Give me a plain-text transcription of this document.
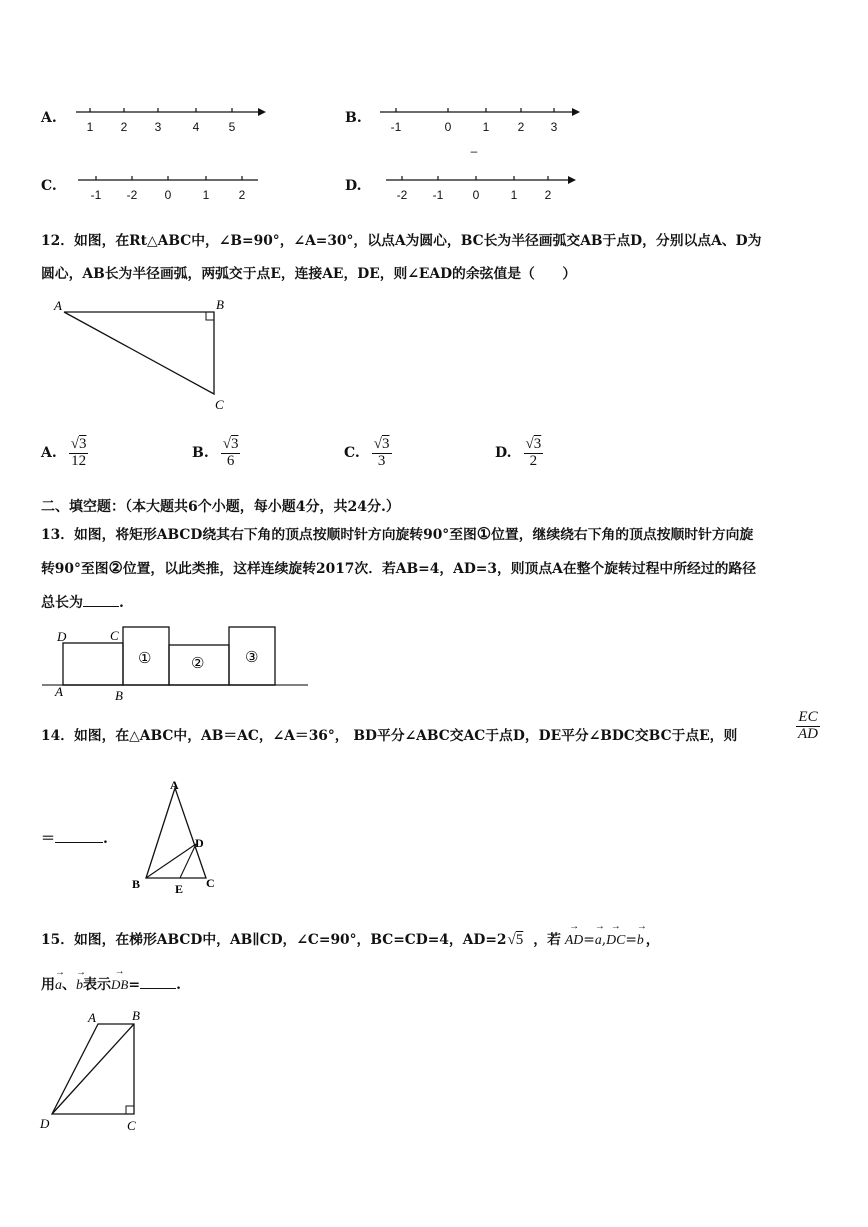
A.
1 2 3	4 5
B.
-1	0	1 2 3
–
C.
-1 -2 0	1 2
D.
-2 -1 0	1 2
12．如图，在Rt△ABC中，∠B=90°，∠A=30°，以点A为圆心，BC长为半径画弧交AB于点D，分别以点A、D为
圆心，AB长为半径画弧，两弧交于点E，连接AE，DE，则∠EAD的余弦值是（　　）
A	B
C
A. $\frac{√3}{12}$	B. $\frac{√3}{6}$	C. $\frac{√3}{3}$	D. $\frac{√3}{2}$
二、填空题：（本大题共6个小题，每小题4分，共24分.）
13．如图，将矩形ABCD绕其右下角的顶点按顺时针方向旋转90°至图①位置，继续绕右下角的顶点按顺时针方向旋
转90°至图②位置，以此类推，这样连续旋转2017次．若AB=4，AD=3，则顶点A在整个旋转过程中所经过的路径
总长为	.
D	C
A	B
①	②	③
14．如图，在△ABC中，AB＝AC，∠A＝36°， BD平分∠ABC交AC于点D，DE平分∠BDC交BC于点E，则	$\frac{EC}{AD}$
＝	.
A
B	C
D
E
15．如图，在梯形ABCD中，AB∥CD，∠C=90°，BC=CD=4，AD=2 √5 ，若 → AD = → a , → DC = → b ，
用 → a 、 → b 表示 → DB =	.
A	B
D	C
